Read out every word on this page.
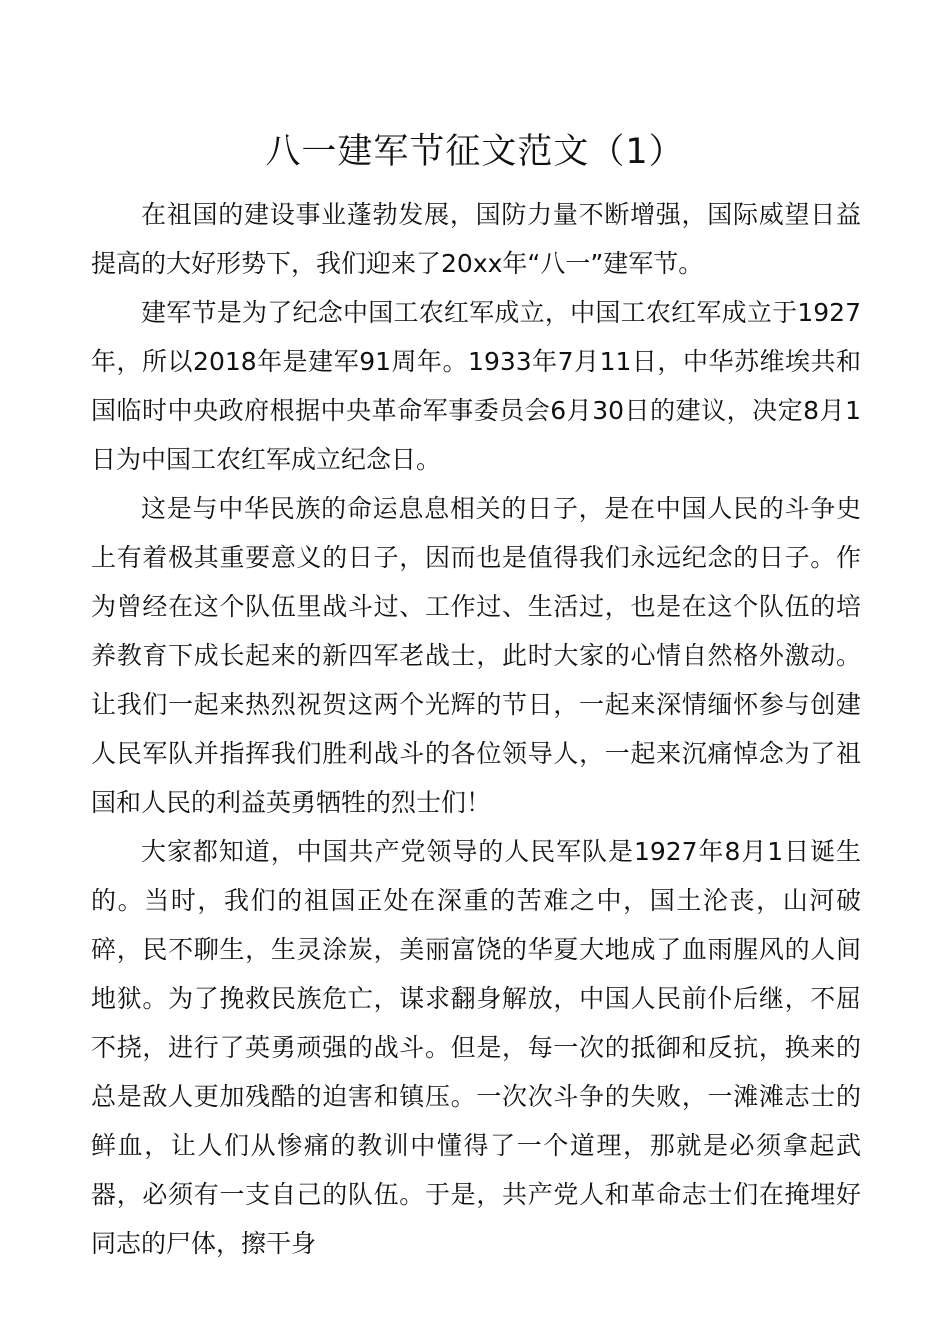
八一建军节征文范文（1）

在祖国的建设事业蓬勃发展，国防力量不断增强，国际威望日益提高的大好形势下，我们迎来了20xx年“八一”建军节。

建军节是为了纪念中国工农红军成立，中国工农红军成立于1927年，所以2018年是建军91周年。1933年7月11日，中华苏维埃共和国临时中央政府根据中央革命军事委员会6月30日的建议，决定8月1日为中国工农红军成立纪念日。

这是与中华民族的命运息息相关的日子，是在中国人民的斗争史上有着极其重要意义的日子，因而也是值得我们永远纪念的日子。作为曾经在这个队伍里战斗过、工作过、生活过，也是在这个队伍的培养教育下成长起来的新四军老战士，此时大家的心情自然格外激动。让我们一起来热烈祝贺这两个光辉的节日，一起来深情缅怀参与创建人民军队并指挥我们胜利战斗的各位领导人，一起来沉痛悼念为了祖国和人民的利益英勇牺牲的烈士们！

大家都知道，中国共产党领导的人民军队是1927年8月1日诞生的。当时，我们的祖国正处在深重的苦难之中，国土沦丧，山河破碎，民不聊生，生灵涂炭，美丽富饶的华夏大地成了血雨腥风的人间地狱。为了挽救民族危亡，谋求翻身解放，中国人民前仆后继，不屈不挠，进行了英勇顽强的战斗。但是，每一次的抵御和反抗，换来的总是敌人更加残酷的迫害和镇压。一次次斗争的失败，一滩滩志士的鲜血，让人们从惨痛的教训中懂得了一个道理，那就是必须拿起武器，必须有一支自己的队伍。于是，共产党人和革命志士们在掩埋好同志的尸体，擦干身
